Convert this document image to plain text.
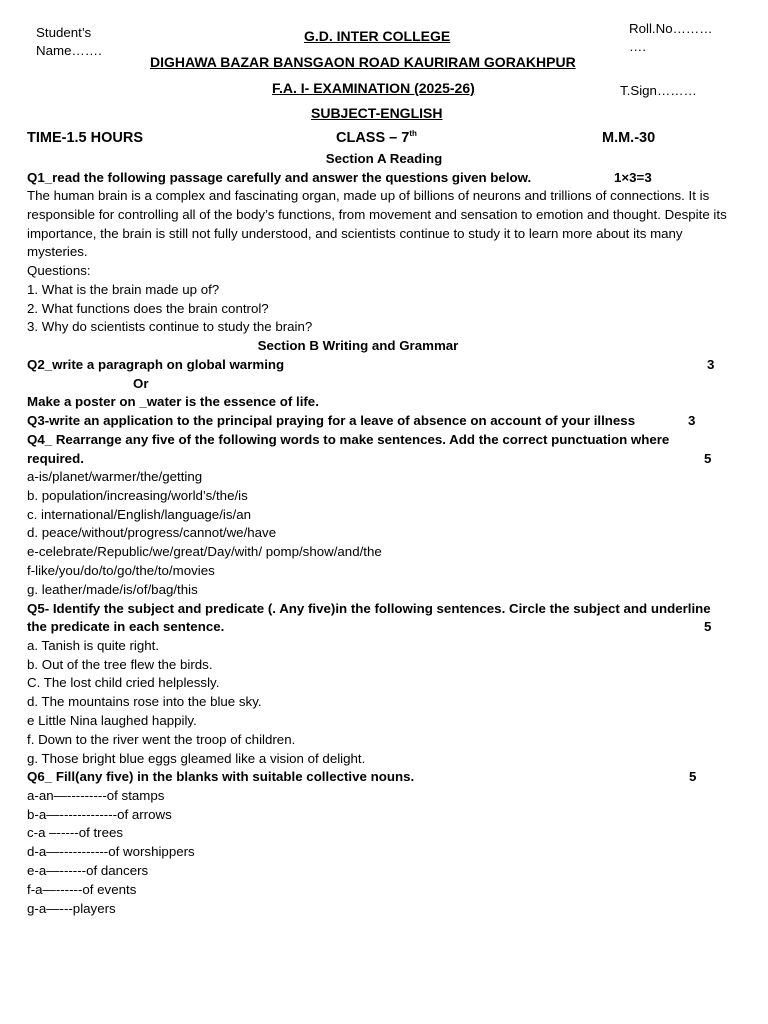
Student’s
Name…….
Roll.No………
….
T.Sign………
G.D. INTER COLLEGE
DIGHAWA BAZAR BANSGAON ROAD KAURIRAM GORAKHPUR
F.A. I- EXAMINATION (2025-26)
SUBJECT-ENGLISH
TIME-1.5 HOURS	CLASS – 7th	M.M.-30
Section A Reading
Q1_read the following passage carefully and answer the questions given below.	1×3=3
The human brain is a complex and fascinating organ, made up of billions of neurons and trillions of connections. It is responsible for controlling all of the body’s functions, from movement and sensation to emotion and thought. Despite its importance, the brain is still not fully understood, and scientists continue to study it to learn more about its many mysteries.
Questions:
1. What is the brain made up of?
2. What functions does the brain control?
3. Why do scientists continue to study the brain?
Section B Writing and Grammar
Q2_write a paragraph on global warming	3
Or
Make a poster on _water is the essence of life.
Q3-write an application to the principal praying for a leave of absence on account of your illness	3
Q4_ Rearrange any five of the following words to make sentences. Add the correct punctuation where
required.	5
a-is/planet/warmer/the/getting
b. population/increasing/world’s/the/is
c. international/English/language/is/an
d. peace/without/progress/cannot/we/have
e-celebrate/Republic/we/great/Day/with/ pomp/show/and/the
f-like/you/do/to/go/the/to/movies
g. leather/made/is/of/bag/this
Q5- Identify the subject and predicate (. Any five)in the following sentences. Circle the subject and underline
the predicate in each sentence.	5
a. Tanish is quite right.
b. Out of the tree flew the birds.
C. The lost child cried helplessly.
d. The mountains rose into the blue sky.
e Little Nina laughed happily.
f. Down to the river went the troop of children.
g. Those bright blue eggs gleamed like a vision of delight.
Q6_ Fill(any five) in the blanks with suitable collective nouns.	5
a-an—---------of stamps
b-a—-------------of arrows
c-a –-----of trees
d-a—-----------of worshippers
e-a—------of dancers
f-a—------of events
g-a—---players
